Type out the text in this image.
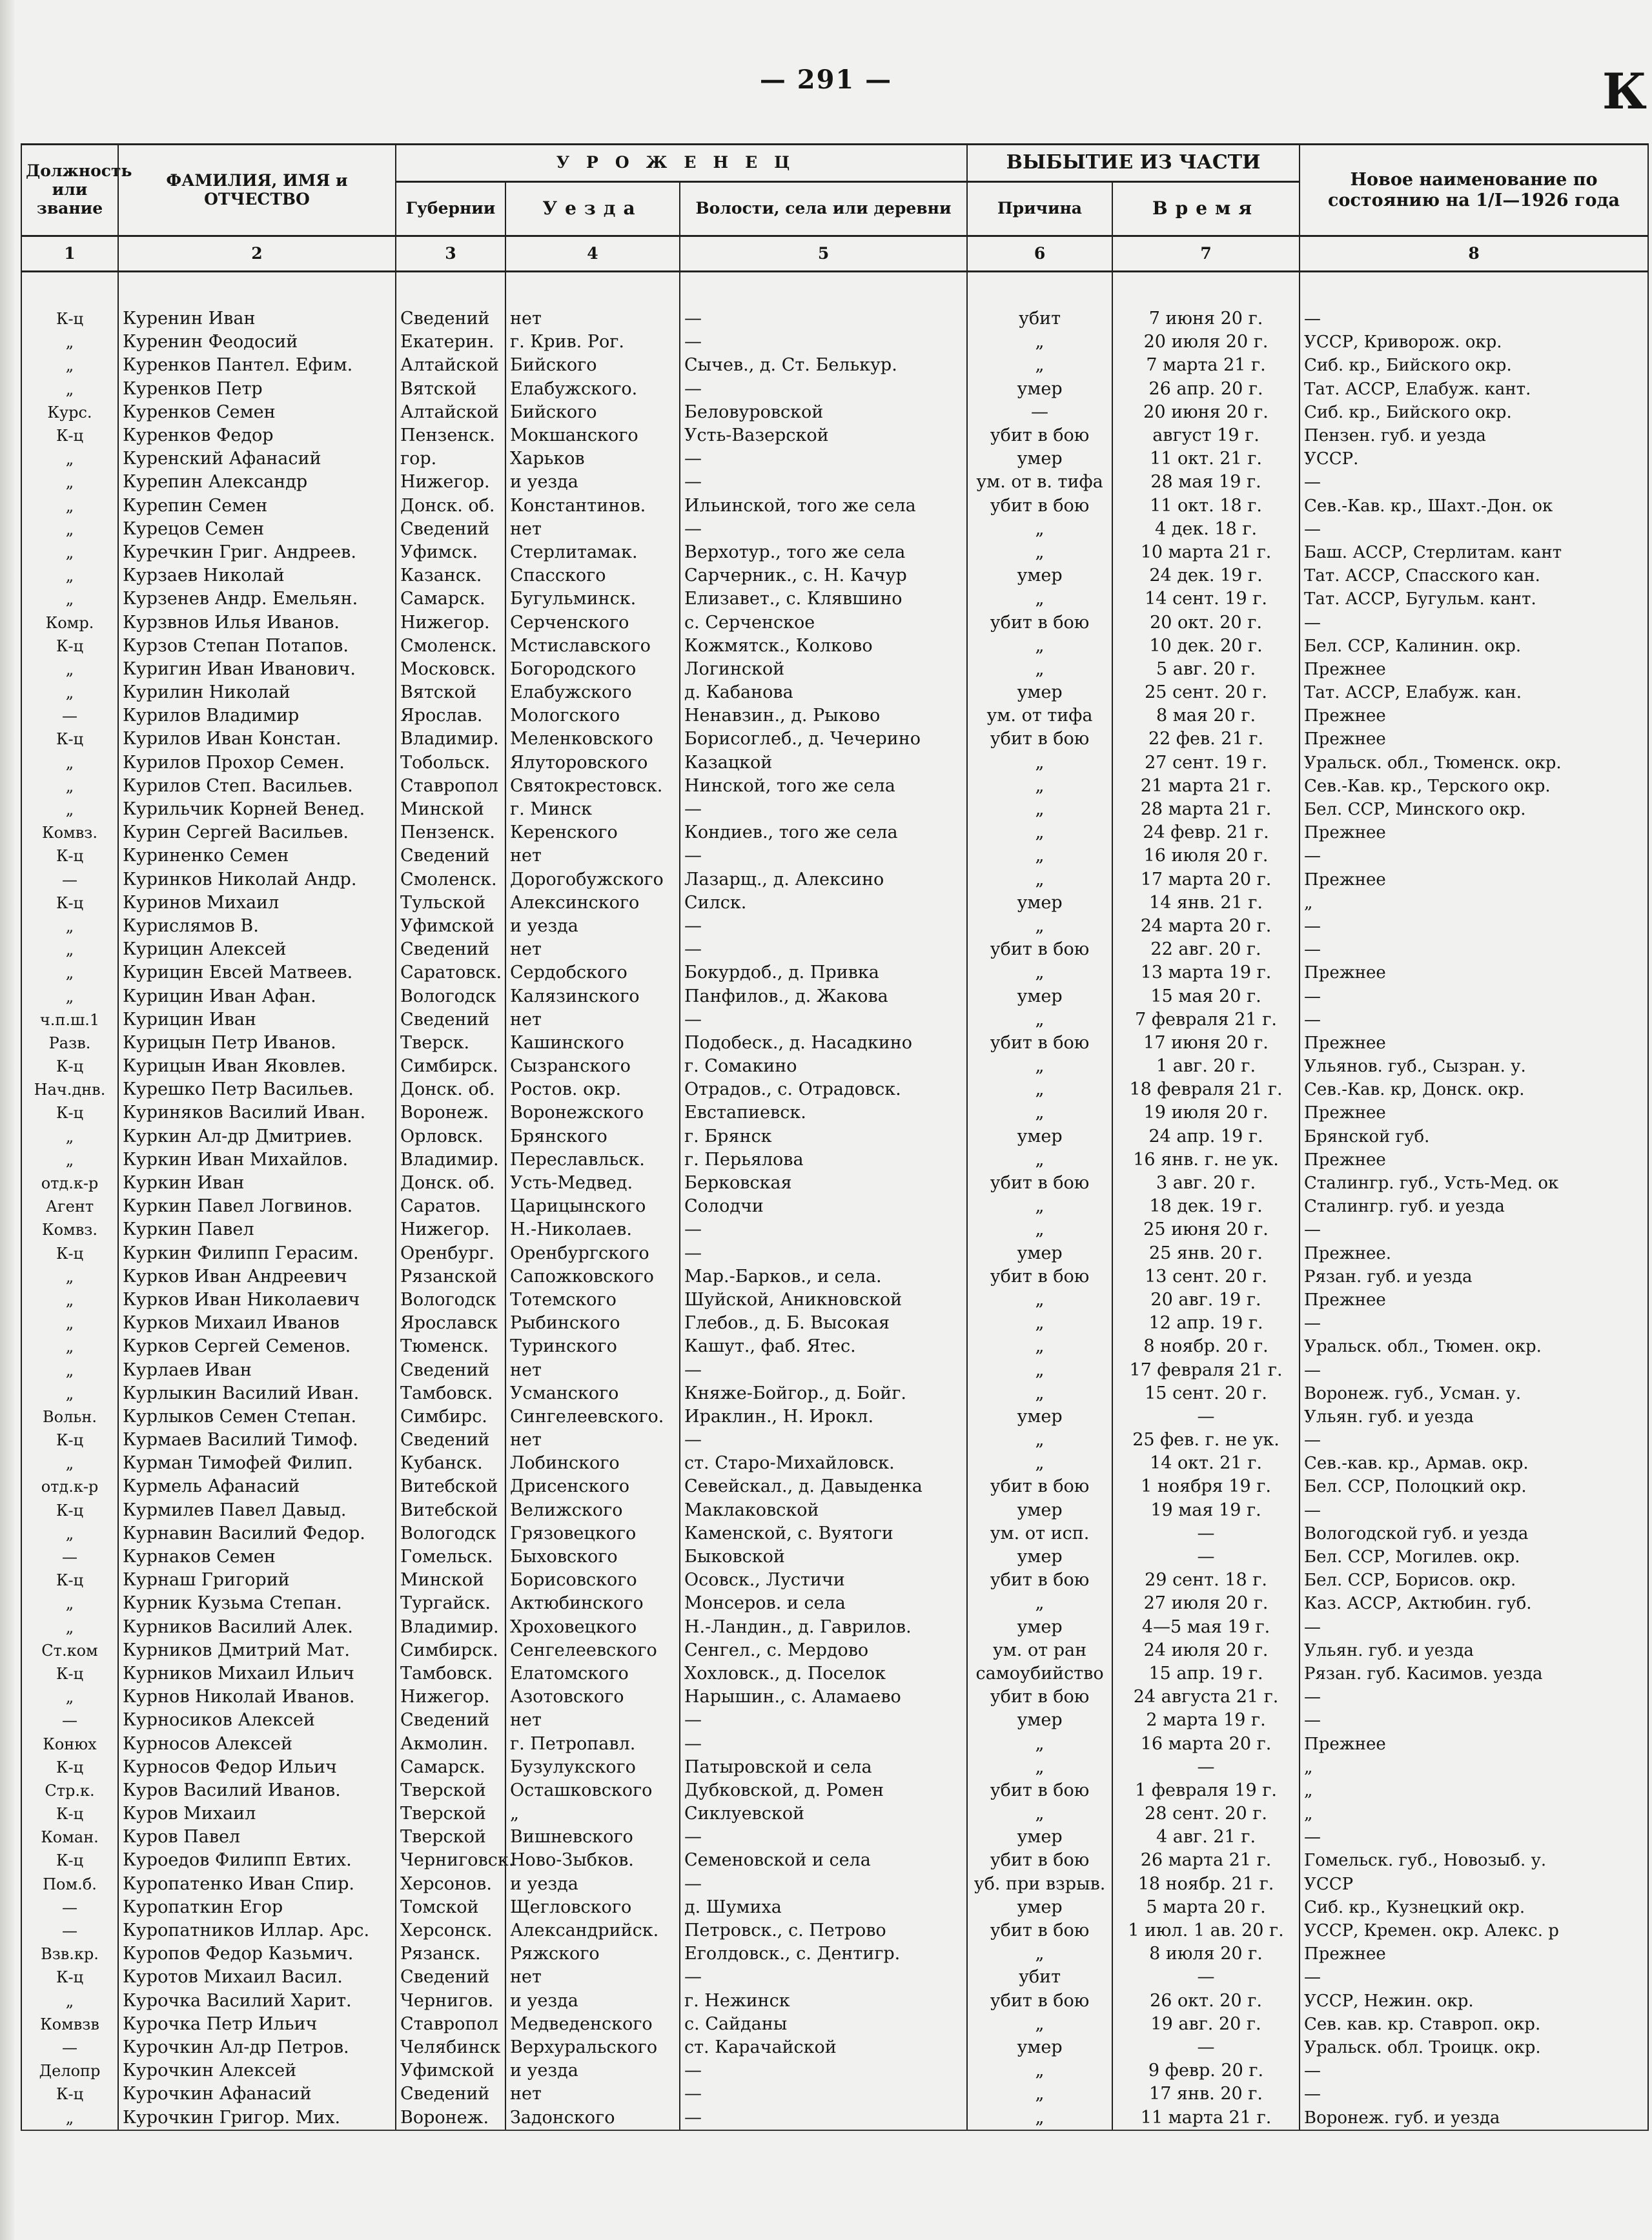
— 291 —	К
Должность или звание	ФАМИЛИЯ, ИМЯ и ОТЧЕСТВО	УРОЖЕНЕЦ			ВЫБЫТИЕ ИЗ ЧАСТИ		Новое наименование по состоянию на 1/I—1926 года
		Губернии	Уезда	Волости, села или деревни	Причина	Время	
1	2	3	4	5	6	7	8

К-ц	Куренин Иван	Сведений	нет	—	убит	7 июня 20 г.	—
„	Куренин Феодосий	Екатерин.	г. Крив. Рог.	—	„	20 июля 20 г.	УССР, Криворож. окр.
„	Куренков Пантел. Ефим.	Алтайской	Бийского	Сычев., д. Ст. Белькур.	„	7 марта 21 г.	Сиб. кр., Бийского окр.
„	Куренков Петр	Вятской	Елабужского.	—	умер	26 апр. 20 г.	Тат. АССР, Елабуж. кант.
Курс.	Куренков Семен	Алтайской	Бийского	Беловуровской	—	20 июня 20 г.	Сиб. кр., Бийского окр.
К-ц	Куренков Федор	Пензенск.	Мокшанского	Усть-Вазерской	убит в бою	август 19 г.	Пензен. губ. и уезда
„	Куренский Афанасий	гор.	Харьков	—	умер	11 окт. 21 г.	УССР.
„	Курепин Александр	Нижегор.	и уезда	—	ум. от в. тифа	28 мая 19 г.	—
„	Курепин Семен	Донск. об.	Константинов.	Ильинской, того же села	убит в бою	11 окт. 18 г.	Сев.-Кав. кр., Шахт.-Дон. ок
„	Курецов Семен	Сведений	нет	—	„	4 дек. 18 г.	—
„	Куречкин Григ. Андреев.	Уфимск.	Стерлитамак.	Верхотур., того же села	„	10 марта 21 г.	Баш. АССР, Стерлитам. кант
„	Курзаев Николай	Казанск.	Спасского	Сарчерник., с. Н. Качур	умер	24 дек. 19 г.	Тат. АССР, Спасского кан.
„	Курзенев Андр. Емельян.	Самарск.	Бугульминск.	Елизавет., с. Клявшино	„	14 сент. 19 г.	Тат. АССР, Бугульм. кант.
Комр.	Курзвнов Илья Иванов.	Нижегор.	Серченского	с. Серченское	убит в бою	20 окт. 20 г.	—
К-ц	Курзов Степан Потапов.	Смоленск.	Мстиславского	Кожмятск., Колково	„	10 дек. 20 г.	Бел. ССР, Калинин. окр.
„	Куригин Иван Иванович.	Московск.	Богородского	Логинской	„	5 авг. 20 г.	Прежнее
„	Курилин Николай	Вятской	Елабужского	д. Кабанова	умер	25 сент. 20 г.	Тат. АССР, Елабуж. кан.
—	Курилов Владимир	Ярослав.	Мологского	Ненавзин., д. Рыково	ум. от тифа	8 мая 20 г.	Прежнее
К-ц	Курилов Иван Констан.	Владимир.	Меленковского	Борисоглеб., д. Чечерино	убит в бою	22 фев. 21 г.	Прежнее
„	Курилов Прохор Семен.	Тобольск.	Ялуторовского	Казацкой	„	27 сент. 19 г.	Уральск. обл., Тюменск. окр.
„	Курилов Степ. Васильев.	Ставропол	Святокрестовск.	Нинской, того же села	„	21 марта 21 г.	Сев.-Кав. кр., Терского окр.
„	Курильчик Корней Венед.	Минской	г. Минск	—	„	28 марта 21 г.	Бел. ССР, Минского окр.
Комвз.	Курин Сергей Васильев.	Пензенск.	Керенского	Кондиев., того же села	„	24 февр. 21 г.	Прежнее
К-ц	Куриненко Семен	Сведений	нет	—	„	16 июля 20 г.	—
—	Куринков Николай Андр.	Смоленск.	Дорогобужского	Лазарщ., д. Алексино	„	17 марта 20 г.	Прежнее
К-ц	Куринов Михаил	Тульской	Алексинского	Силск.	умер	14 янв. 21 г.	„
„	Курислямов В.	Уфимской	и уезда	—	„	24 марта 20 г.	—
„	Курицин Алексей	Сведений	нет	—	убит в бою	22 авг. 20 г.	—
„	Курицин Евсей Матвеев.	Саратовск.	Сердобского	Бокурдоб., д. Привка	„	13 марта 19 г.	Прежнее
„	Курицин Иван Афан.	Вологодск	Калязинского	Панфилов., д. Жакова	умер	15 мая 20 г.	—
ч.п.ш.1	Курицин Иван	Сведений	нет	—	„	7 февраля 21 г.	—
Разв.	Курицын Петр Иванов.	Тверск.	Кашинского	Подобеск., д. Насадкино	убит в бою	17 июня 20 г.	Прежнее
К-ц	Курицын Иван Яковлев.	Симбирск.	Сызранского	г. Сомакино	„	1 авг. 20 г.	Ульянов. губ., Сызран. у.
Нач.днв.	Курешко Петр Васильев.	Донск. об.	Ростов. окр.	Отрадов., с. Отрадовск.	„	18 февраля 21 г.	Сев.-Кав. кр, Донск. окр.
К-ц	Куриняков Василий Иван.	Воронеж.	Воронежского	Евстапиевск.	„	19 июля 20 г.	Прежнее
„	Куркин Ал-др Дмитриев.	Орловск.	Брянского	г. Брянск	умер	24 апр. 19 г.	Брянской губ.
„	Куркин Иван Михайлов.	Владимир.	Переславльск.	г. Перьялова	„	16 янв. г. не ук.	Прежнее
отд.к-р	Куркин Иван	Донск. об.	Усть-Медвед.	Берковская	убит в бою	3 авг. 20 г.	Сталингр. губ., Усть-Мед. ок
Агент	Куркин Павел Логвинов.	Саратов.	Царицынского	Солодчи	„	18 дек. 19 г.	Сталингр. губ. и уезда
Комвз.	Куркин Павел	Нижегор.	Н.-Николаев.	—	„	25 июня 20 г.	—
К-ц	Куркин Филипп Герасим.	Оренбург.	Оренбургского	—	умер	25 янв. 20 г.	Прежнее.
„	Курков Иван Андреевич	Рязанской	Сапожковского	Мар.-Барков., и села.	убит в бою	13 сент. 20 г.	Рязан. губ. и уезда
„	Курков Иван Николаевич	Вологодск	Тотемского	Шуйской, Аникновской	„	20 авг. 19 г.	Прежнее
„	Курков Михаил Иванов	Ярославск	Рыбинского	Глебов., д. Б. Высокая	„	12 апр. 19 г.	—
„	Курков Сергей Семенов.	Тюменск.	Туринского	Кашут., фаб. Ятес.	„	8 ноябр. 20 г.	Уральск. обл., Тюмен. окр.
„	Курлаев Иван	Сведений	нет	—	„	17 февраля 21 г.	—
„	Курлыкин Василий Иван.	Тамбовск.	Усманского	Княже-Бойгор., д. Бойг.	„	15 сент. 20 г.	Воронеж. губ., Усман. у.
Вольн.	Курлыков Семен Степан.	Симбирс.	Сингелеевского.	Ираклин., Н. Ирокл.	умер	—	Ульян. губ. и уезда
К-ц	Курмаев Василий Тимоф.	Сведений	нет	—	„	25 фев. г. не ук.	—
„	Курман Тимофей Филип.	Кубанск.	Лобинского	ст. Старо-Михайловск.	„	14 окт. 21 г.	Сев.-кав. кр., Армав. окр.
отд.к-р	Курмель Афанасий	Витебской	Дрисенского	Севейскал., д. Давыденка	убит в бою	1 ноября 19 г.	Бел. ССР, Полоцкий окр.
К-ц	Курмилев Павел Давыд.	Витебской	Велижского	Маклаковской	умер	19 мая 19 г.	—
„	Курнавин Василий Федор.	Вологодск	Грязовецкого	Каменской, с. Вуятоги	ум. от исп.	—	Вологодской губ. и уезда
—	Курнаков Семен	Гомельск.	Быховского	Быковской	умер	—	Бел. ССР, Могилев. окр.
К-ц	Курнаш Григорий	Минской	Борисовского	Осовск., Лустичи	убит в бою	29 сент. 18 г.	Бел. ССР, Борисов. окр.
„	Курник Кузьма Степан.	Тургайск.	Актюбинского	Монсеров. и села	„	27 июля 20 г.	Каз. АССР, Актюбин. губ.
„	Курников Василий Алек.	Владимир.	Хроховецкого	Н.-Ландин., д. Гаврилов.	умер	4—5 мая 19 г.	—
Ст.ком	Курников Дмитрий Мат.	Симбирск.	Сенгелеевского	Сенгел., с. Мердово	ум. от ран	24 июля 20 г.	Ульян. губ. и уезда
К-ц	Курников Михаил Ильич	Тамбовск.	Елатомского	Хохловск., д. Поселок	самоубийство	15 апр. 19 г.	Рязан. губ. Касимов. уезда
„	Курнов Николай Иванов.	Нижегор.	Азотовского	Нарышин., с. Аламаево	убит в бою	24 августа 21 г.	—
—	Курносиков Алексей	Сведений	нет	—	умер	2 марта 19 г.	—
Конюх	Курносов Алексей	Акмолин.	г. Петропавл.	—	„	16 марта 20 г.	Прежнее
К-ц	Курносов Федор Ильич	Самарск.	Бузулукского	Патыровской и села	„	—	„
Стр.к.	Куров Василий Иванов.	Тверской	Осташковского	Дубковской, д. Ромен	убит в бою	1 февраля 19 г.	„
К-ц	Куров Михаил	Тверской	„	Сиклуевской	„	28 сент. 20 г.	„
Коман.	Куров Павел	Тверской	Вишневского	—	умер	4 авг. 21 г.	—
К-ц	Куроедов Филипп Евтих.	Черниговск.	Ново-Зыбков.	Семеновской и села	убит в бою	26 марта 21 г.	Гомельск. губ., Новозыб. у.
Пом.б.	Куропатенко Иван Спир.	Херсонов.	и уезда	—	уб. при взрыв.	18 ноябр. 21 г.	УССР
—	Куропаткин Егор	Томской	Щегловского	д. Шумиха	умер	5 марта 20 г.	Сиб. кр., Кузнецкий окр.
—	Куропатников Иллар. Арс.	Херсонск.	Александрийск.	Петровск., с. Петрово	убит в бою	1 июл. 1 ав. 20 г.	УССР, Кремен. окр. Алекс. р
Взв.кр.	Куропов Федор Казьмич.	Рязанск.	Ряжского	Еголдовск., с. Дентигр.	„	8 июля 20 г.	Прежнее
К-ц	Куротов Михаил Васил.	Сведений	нет	—	убит	—	—
„	Курочка Василий Харит.	Чернигов.	и уезда	г. Нежинск	убит в бою	26 окт. 20 г.	УССР, Нежин. окр.
Комвзв	Курочка Петр Ильич	Ставропол	Медведенского	с. Сайданы	„	19 авг. 20 г.	Сев. кав. кр. Ставроп. окр.
—	Курочкин Ал-др Петров.	Челябинск	Верхуральского	ст. Карачайской	умер	—	Уральск. обл. Троицк. окр.
Делопр	Курочкин Алексей	Уфимской	и уезда	—	„	9 февр. 20 г.	—
К-ц	Курочкин Афанасий	Сведений	нет	—	„	17 янв. 20 г.	—
„	Курочкин Григор. Мих.	Воронеж.	Задонского	—	„	11 марта 21 г.	Воронеж. губ. и уезда
